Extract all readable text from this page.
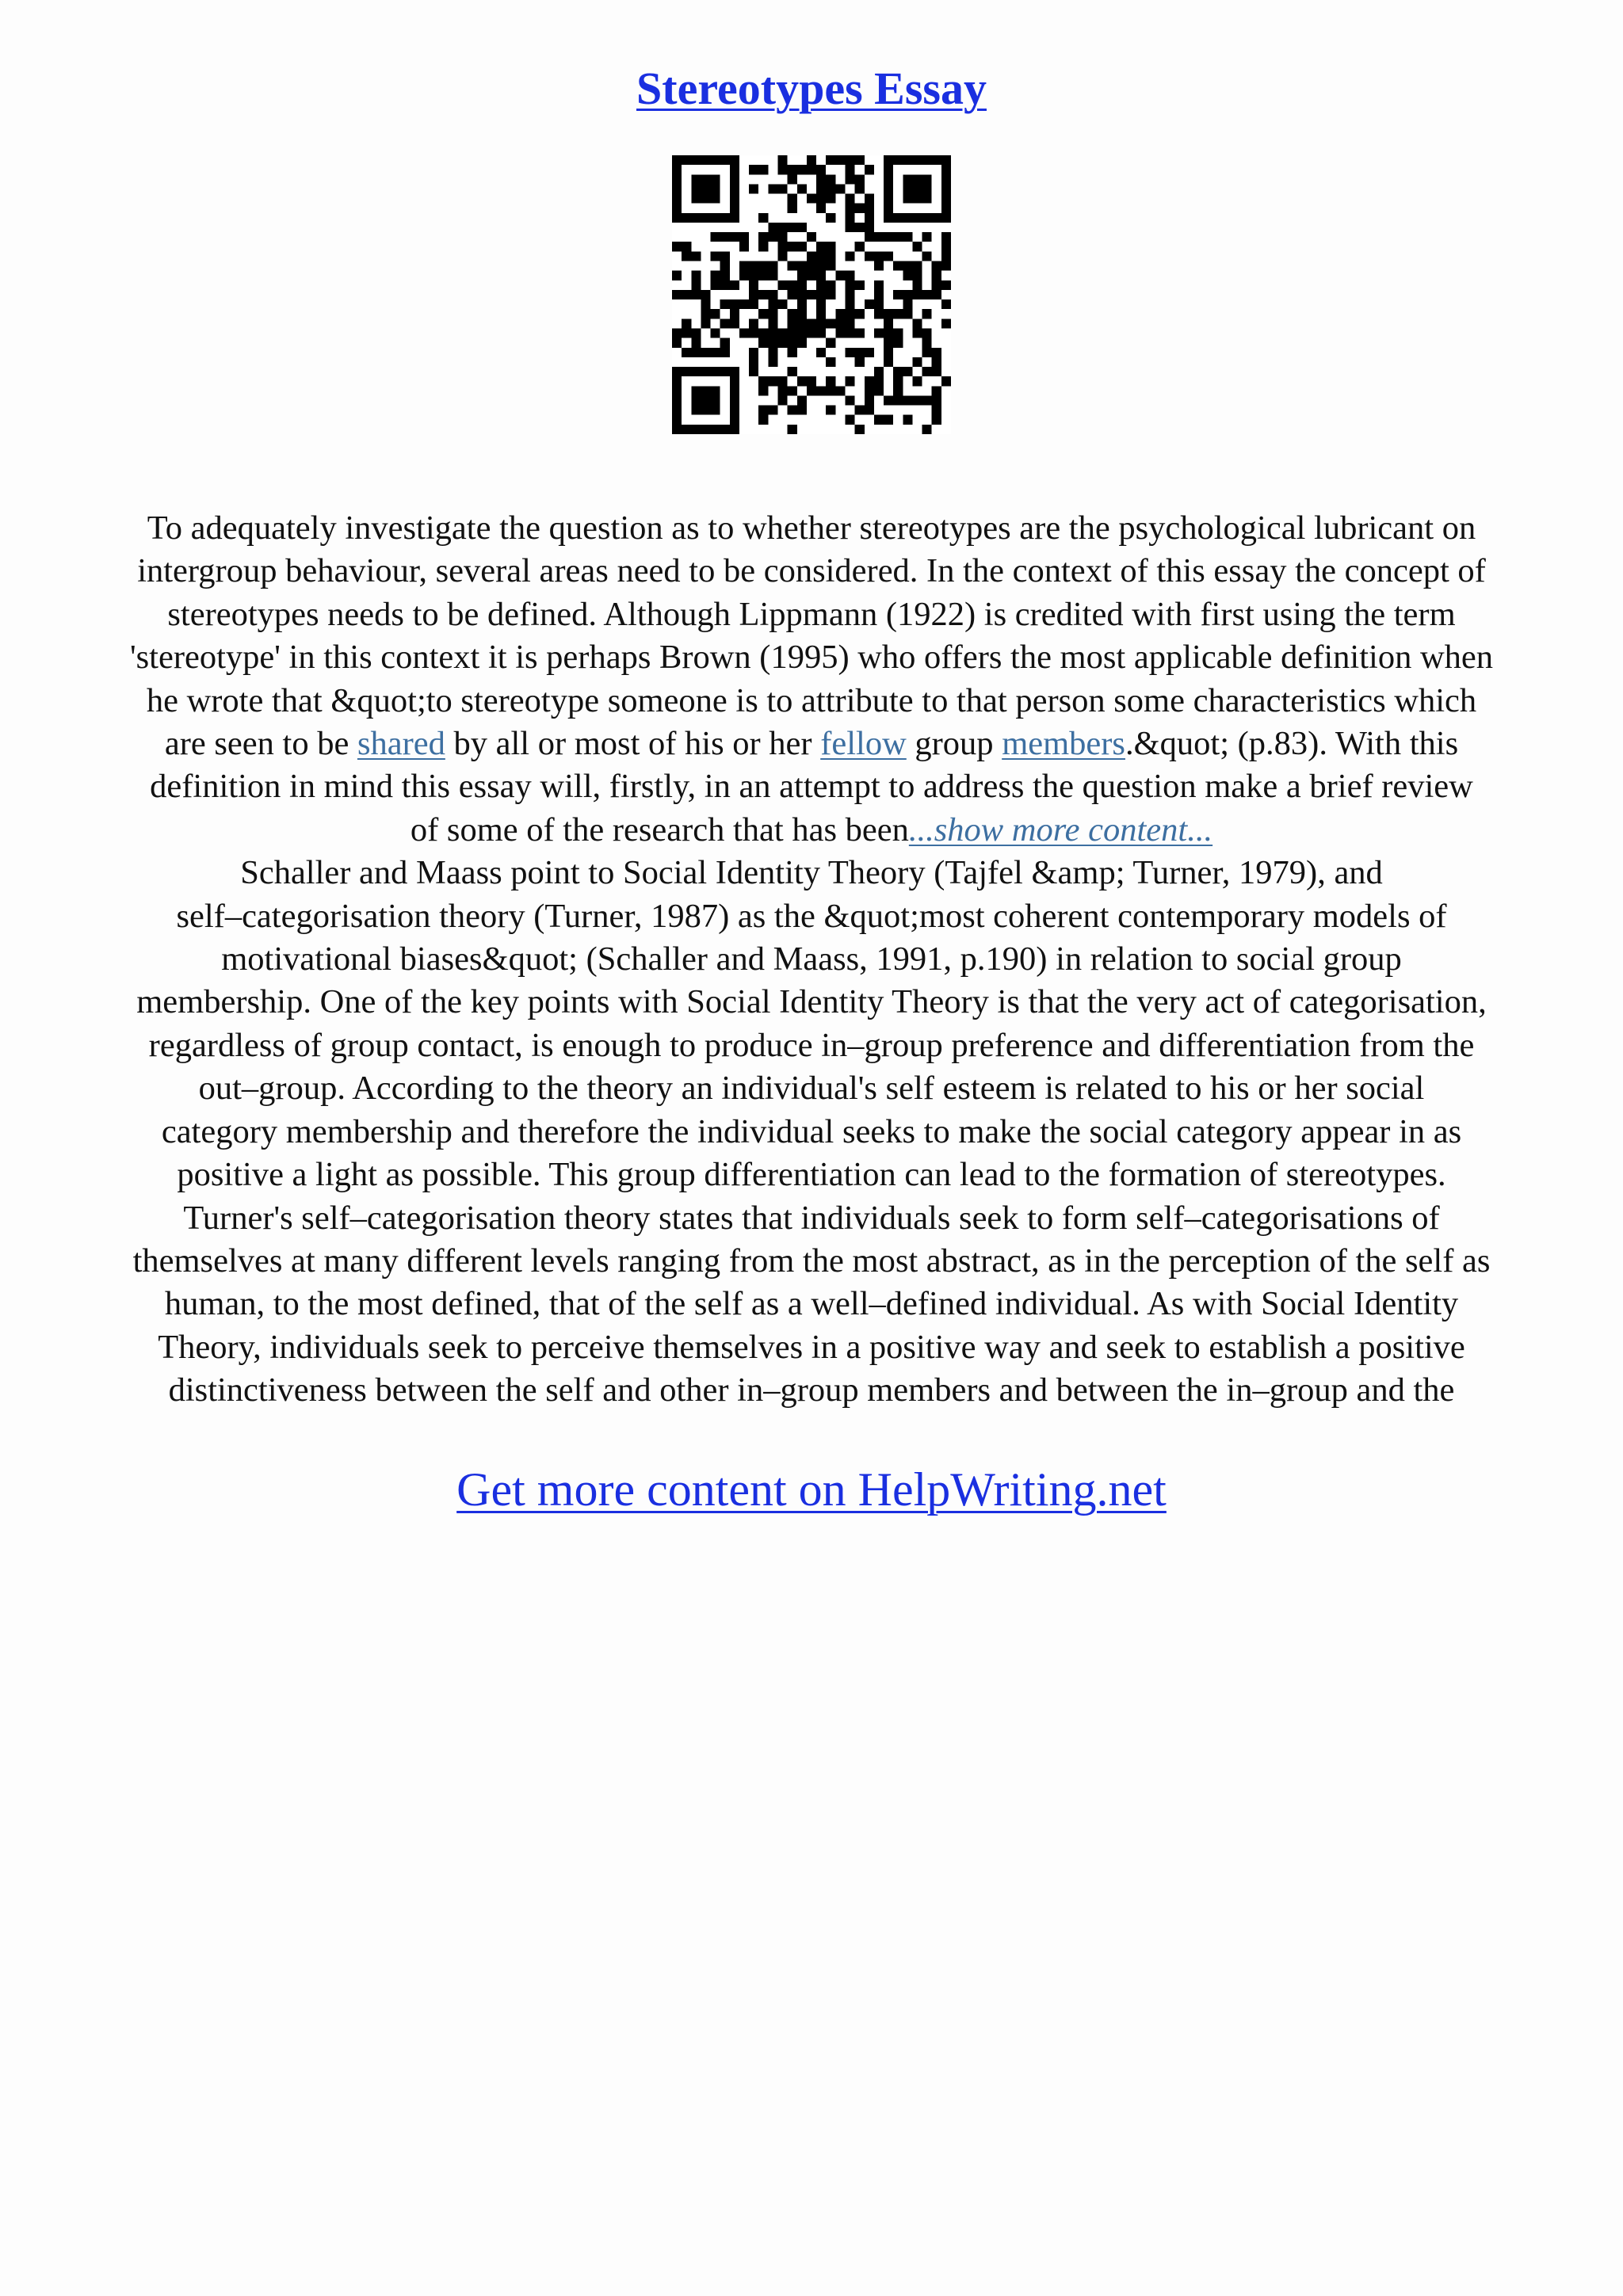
Stereotypes Essay
To adequately investigate the question as to whether stereotypes are the psychological lubricant on
intergroup behaviour, several areas need to be considered. In the context of this essay the concept of
stereotypes needs to be defined. Although Lippmann (1922) is credited with first using the term
'stereotype' in this context it is perhaps Brown (1995) who offers the most applicable definition when
he wrote that &quot;to stereotype someone is to attribute to that person some characteristics which
are seen to be shared by all or most of his or her fellow group members.&quot; (p.83). With this
definition in mind this essay will, firstly, in an attempt to address the question make a brief review
of some of the research that has been...show more content...
Schaller and Maass point to Social Identity Theory (Tajfel &amp; Turner, 1979), and
self–categorisation theory (Turner, 1987) as the &quot;most coherent contemporary models of
motivational biases&quot; (Schaller and Maass, 1991, p.190) in relation to social group
membership. One of the key points with Social Identity Theory is that the very act of categorisation,
regardless of group contact, is enough to produce in–group preference and differentiation from the
out–group. According to the theory an individual's self esteem is related to his or her social
category membership and therefore the individual seeks to make the social category appear in as
positive a light as possible. This group differentiation can lead to the formation of stereotypes.
Turner's self–categorisation theory states that individuals seek to form self–categorisations of
themselves at many different levels ranging from the most abstract, as in the perception of the self as
human, to the most defined, that of the self as a well–defined individual. As with Social Identity
Theory, individuals seek to perceive themselves in a positive way and seek to establish a positive
distinctiveness between the self and other in–group members and between the in–group and the
Get more content on HelpWriting.net
